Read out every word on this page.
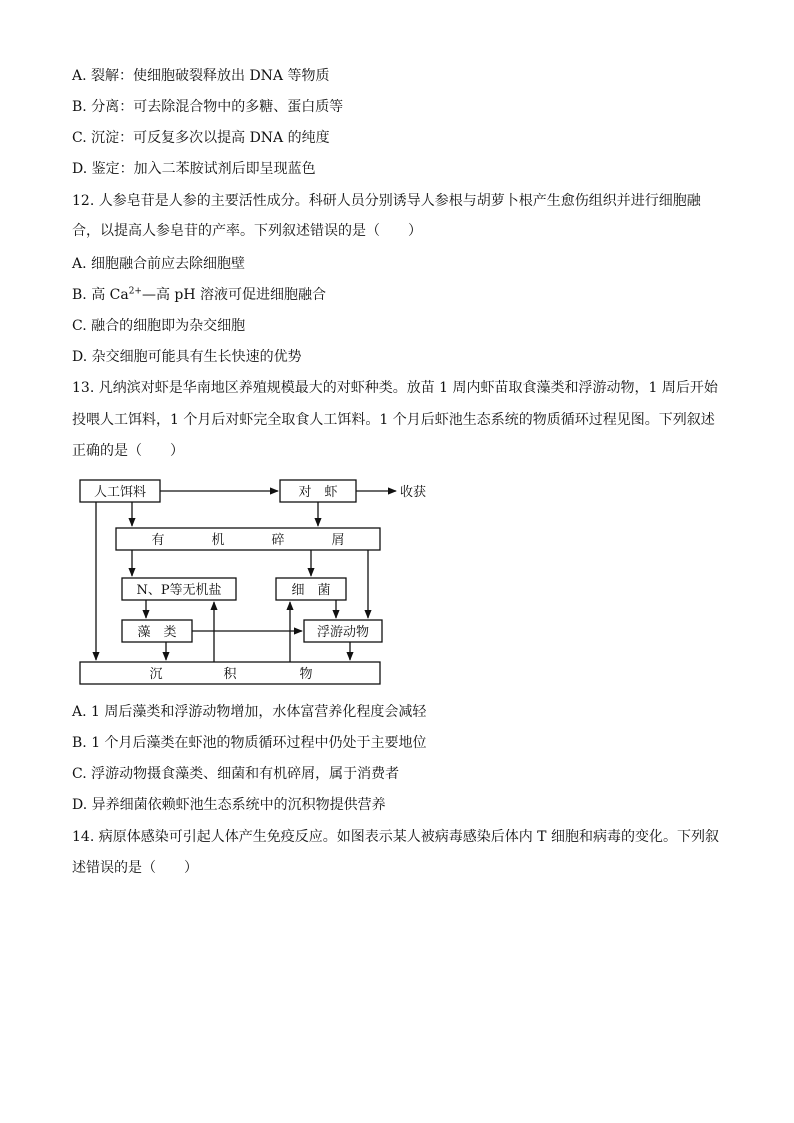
A. 裂解：使细胞破裂释放出 DNA 等物质
B. 分离：可去除混合物中的多糖、蛋白质等
C. 沉淀：可反复多次以提高 DNA 的纯度
D. 鉴定：加入二苯胺试剂后即呈现蓝色
12. 人参皂苷是人参的主要活性成分。科研人员分别诱导人参根与胡萝卜根产生愈伤组织并进行细胞融
合，以提高人参皂苷的产率。下列叙述错误的是（　　）
A. 细胞融合前应去除细胞壁
B. 高 $Ca^{2+}—$高 pH 溶液可促进细胞融合
C. 融合的细胞即为杂交细胞
D. 杂交细胞可能具有生长快速的优势
13. 凡纳滨对虾是华南地区养殖规模最大的对虾种类。放苗 1 周内虾苗取食藻类和浮游动物，1 周后开始
投喂人工饵料，1 个月后对虾完全取食人工饵料。1 个月后虾池生态系统的物质循环过程见图。下列叙述
正确的是（　　）
人工饵料	对　虾	收获
有	机	碎	屑
N、P等无机盐	细　菌
藻　类	浮游动物
沉	积	物
A. 1 周后藻类和浮游动物增加，水体富营养化程度会减轻
B. 1 个月后藻类在虾池的物质循环过程中仍处于主要地位
C. 浮游动物摄食藻类、细菌和有机碎屑，属于消费者
D. 异养细菌依赖虾池生态系统中的沉积物提供营养
14. 病原体感染可引起人体产生免疫反应。如图表示某人被病毒感染后体内 T 细胞和病毒的变化。下列叙
述错误的是（　　）
